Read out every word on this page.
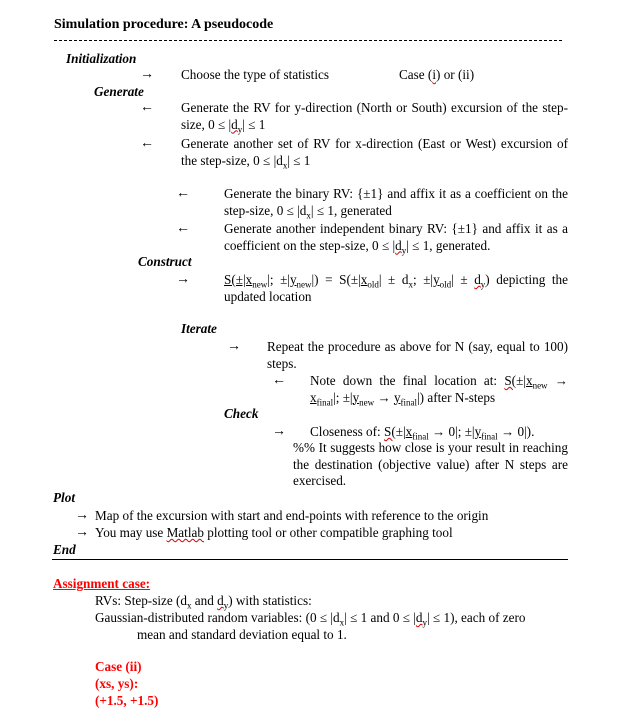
Simulation procedure: A pseudocode
Initialization
→ Choose the type of statistics	Case (i) or (ii)
Generate
← Generate the RV for y-direction (North or South) excursion of the step-size, $0 \le |d_y| \le 1$
← Generate another set of RV for x-direction (East or West) excursion of the step-size, $0 \le |d_x| \le 1$
←	Generate the binary RV: {±1} and affix it as a coefficient on the step-size, $0 \le |d_x| \le 1$, generated
←	Generate another independent binary RV: {±1} and affix it as a coefficient on the step-size, $0 \le |d_y| \le 1$, generated.
Construct
→	$S(\pm|x_{new}|$; $\pm|y_{new}|) = S(\pm|x_{old}| \pm d_x$; $\pm|y_{old}| \pm d_y$) depicting the updated location
Iterate
→ Repeat the procedure as above for N (say, equal to 100) steps.
← Note down the final location at: $S(\pm|x_{new} \to x_{final}|$; $\pm|y_{new} \to y_{final}|$) after N-steps
Check
→ Closeness of: $S(\pm|x_{final} \to 0|$; $\pm|y_{final} \to 0|$).
%% It suggests how close is your result in reaching the destination (objective value) after N steps are exercised.
Plot
→ Map of the excursion with start and end-points with reference to the origin
→ You may use Matlab plotting tool or other compatible graphing tool
End
Assignment case:
RVs: Step-size ($d_x$ and $d_y$) with statistics:
Gaussian-distributed random variables: ($0 \le |d_x| \le 1$ and $0 \le |d_y| \le 1$), each of zero
mean and standard deviation equal to 1.
Case (ii)
(xs, ys):
(+1.5, +1.5)
